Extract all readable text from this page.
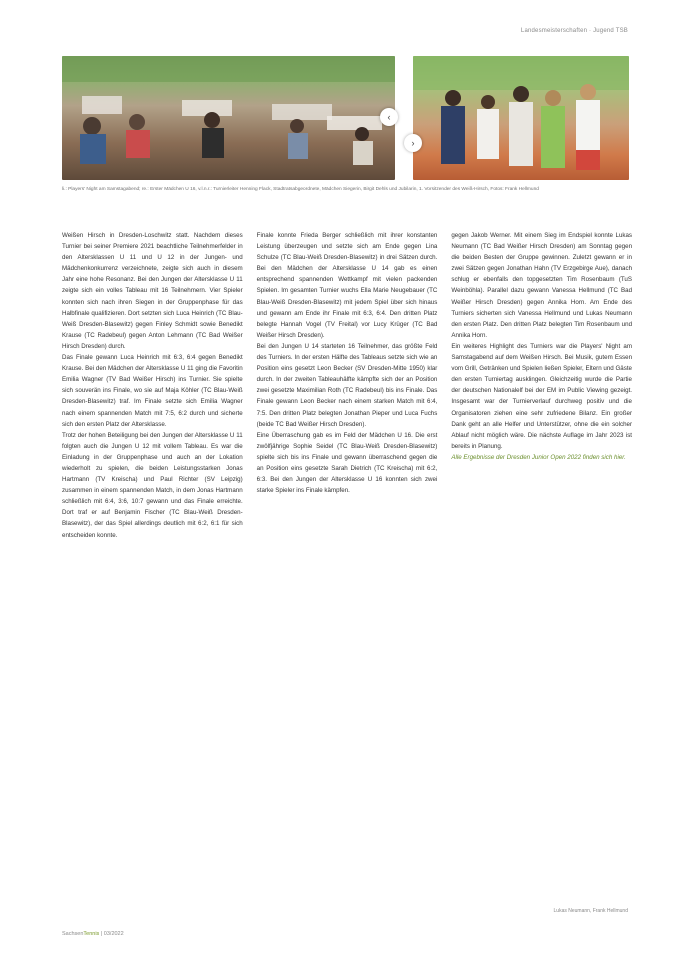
Landesmeisterschaften · Jugend TSB
‹
›
li.: Players' Night am Samstagabend; re.: Erster Mädchen U 16, v.l.n.r.: Turnierleiter Henning Flack, Stadtratsabgeordnete, Mädchen Siegerin, Birgit Dehls und Jubilarin, 1. Vorsitzender des Weiß-Hirsch, Fotos: Frank Hellmund

Weißen Hirsch in Dresden-Loschwitz statt. Nachdem dieses Turnier bei seiner Premiere 2021 beachtliche Teilnehmerfelder in den Altersklassen U 11 und U 12 in der Jungen- und Mädchenkonkurrenz verzeichnete, zeigte sich auch in diesem Jahr eine hohe Resonanz. Bei den Jungen der Altersklasse U 11 zeigte sich ein volles Tableau mit 16 Teilnehmern. Vier Spieler konnten sich nach ihren Siegen in der Gruppenphase für das Halbfinale qualifizieren. Dort setzten sich Luca Heinrich (TC Blau-Weiß Dresden-Blasewitz) gegen Finley Schmidt sowie Benedikt Krause (TC Radebeul) gegen Anton Lehmann (TC Bad Weißer Hirsch Dresden) durch.

Das Finale gewann Luca Heinrich mit 6:3, 6:4 gegen Benedikt Krause. Bei den Mädchen der Altersklasse U 11 ging die Favoritin Emilia Wagner (TV Bad Weißer Hirsch) ins Turnier. Sie spielte sich souverän ins Finale, wo sie auf Maja Köhler (TC Blau-Weiß Dresden-Blasewitz) traf. Im Finale setzte sich Emilia Wagner nach einem spannenden Match mit 7:5, 6:2 durch und sicherte sich den ersten Platz der Altersklasse.

Trotz der hohen Beteiligung bei den Jungen der Altersklasse U 11 folgten auch die Jungen U 12 mit vollem Tableau. Es war die Einladung in der Gruppenphase und auch an der Lokation wiederholt zu spielen, die beiden Leistungsstarken Jonas Hartmann (TV Kreischa) und Paul Richter (SV Leipzig) zusammen in einem spannenden Match, in dem Jonas Hartmann schließlich mit 6:4, 3:6, 10:7 gewann und das Finale erreichte. Dort traf er auf Benjamin Fischer (TC Blau-Weiß Dresden-Blasewitz), der das Spiel allerdings deutlich mit 6:2, 6:1 für sich entscheiden konnte.

Finale konnte Frieda Berger schließlich mit ihrer konstanten Leistung überzeugen und setzte sich am Ende gegen Lina Schulze (TC Blau-Weiß Dresden-Blasewitz) in drei Sätzen durch. Bei den Mädchen der Altersklasse U 14 gab es einen entsprechend spannenden Wettkampf mit vielen packenden Spielen. Im gesamten Turnier wuchs Ella Marie Neugebauer (TC Blau-Weiß Dresden-Blasewitz) mit jedem Spiel über sich hinaus und gewann am Ende ihr Finale mit 6:3, 6:4. Den dritten Platz belegte Hannah Vogel (TV Freital) vor Lucy Krüger (TC Bad Weißer Hirsch Dresden).

Bei den Jungen U 14 starteten 16 Teilnehmer, das größte Feld des Turniers. In der ersten Hälfte des Tableaus setzte sich wie an Position eins gesetzt Leon Becker (SV Dresden-Mitte 1950) klar durch. In der zweiten Tableauhälfte kämpfte sich der an Position zwei gesetzte Maximilian Roth (TC Radebeul) bis ins Finale. Das Finale gewann Leon Becker nach einem starken Match mit 6:4, 7:5. Den dritten Platz belegten Jonathan Pieper und Luca Fuchs (beide TC Bad Weißer Hirsch Dresden).

Eine Überraschung gab es im Feld der Mädchen U 16. Die erst zwölfjährige Sophie Seidel (TC Blau-Weiß Dresden-Blasewitz) spielte sich bis ins Finale und gewann überraschend gegen die an Position eins gesetzte Sarah Dietrich (TC Kreischa) mit 6:2, 6:3. Bei den Jungen der Altersklasse U 16 konnten sich zwei starke Spieler ins Finale kämpfen.

gegen Jakob Werner. Mit einem Sieg im Endspiel konnte Lukas Neumann (TC Bad Weißer Hirsch Dresden) am Sonntag gegen die beiden Besten der Gruppe gewinnen. Zuletzt gewann er in zwei Sätzen gegen Jonathan Hahn (TV Erzgebirge Aue), danach schlug er ebenfalls den topgesetzten Tim Rosenbaum (TuS Weinböhla). Parallel dazu gewann Vanessa Hellmund (TC Bad Weißer Hirsch Dresden) gegen Annika Horn. Am Ende des Turniers sicherten sich Vanessa Hellmund und Lukas Neumann den ersten Platz. Den dritten Platz belegten Tim Rosenbaum und Annika Horn.

Ein weiteres Highlight des Turniers war die Players' Night am Samstagabend auf dem Weißen Hirsch. Bei Musik, gutem Essen vom Grill, Getränken und Spielen ließen Spieler, Eltern und Gäste den ersten Turniertag ausklingen. Gleichzeitig wurde die Partie der deutschen Nationalelf bei der EM im Public Viewing gezeigt. Insgesamt war der Turnierverlauf durchweg positiv und die Organisatoren ziehen eine sehr zufriedene Bilanz. Ein großer Dank geht an alle Helfer und Unterstützer, ohne die ein solcher Ablauf nicht möglich wäre. Die nächste Auflage im Jahr 2023 ist bereits in Planung.

Alle Ergebnisse der Dresden Junior Open 2022 finden sich hier.

Lukas Neumann, Frank Hellmund
SachsenTennis | 03/2022
